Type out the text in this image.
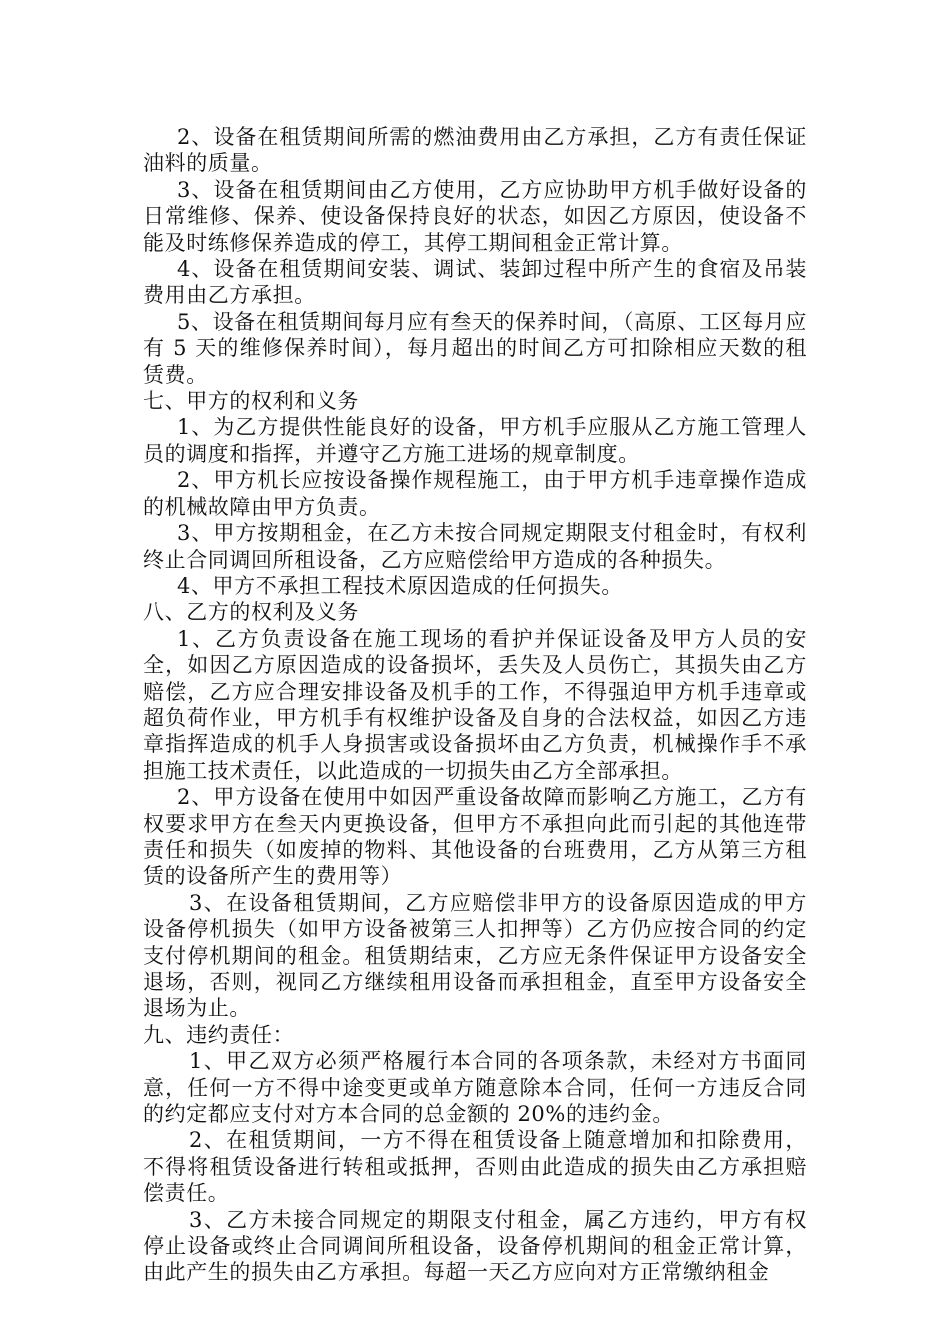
2、设备在租赁期间所需的燃油费用由乙方承担，乙方有责任保证油料的质量。

3、设备在租赁期间由乙方使用，乙方应协助甲方机手做好设备的日常维修、保养、使设备保持良好的状态，如因乙方原因，使设备不能及时练修保养造成的停工，其停工期间租金正常计算。

4、设备在租赁期间安装、调试、装卸过程中所产生的食宿及吊装费用由乙方承担。

5、设备在租赁期间每月应有叁天的保养时间，（高原、工区每月应有 5 天的维修保养时间），每月超出的时间乙方可扣除相应天数的租赁费。

七、甲方的权利和义务

1、为乙方提供性能良好的设备，甲方机手应服从乙方施工管理人员的调度和指挥，并遵守乙方施工进场的规章制度。

2、甲方机长应按设备操作规程施工，由于甲方机手违章操作造成的机械故障由甲方负责。

3、甲方按期租金，在乙方未按合同规定期限支付租金时，有权利终止合同调回所租设备，乙方应赔偿给甲方造成的各种损失。

4、甲方不承担工程技术原因造成的任何损失。

八、乙方的权利及义务

1、乙方负责设备在施工现场的看护并保证设备及甲方人员的安全，如因乙方原因造成的设备损坏，丢失及人员伤亡，其损失由乙方赔偿，乙方应合理安排设备及机手的工作，不得强迫甲方机手违章或超负荷作业，甲方机手有权维护设备及自身的合法权益，如因乙方违章指挥造成的机手人身损害或设备损坏由乙方负责，机械操作手不承担施工技术责任，以此造成的一切损失由乙方全部承担。

2、甲方设备在使用中如因严重设备故障而影响乙方施工，乙方有权要求甲方在叁天内更换设备，但甲方不承担向此而引起的其他连带责任和损失（如废掉的物料、其他设备的台班费用，乙方从第三方租赁的设备所产生的费用等）

3、在设备租赁期间，乙方应赔偿非甲方的设备原因造成的甲方设备停机损失（如甲方设备被第三人扣押等）乙方仍应按合同的约定支付停机期间的租金。租赁期结束，乙方应无条件保证甲方设备安全退场，否则，视同乙方继续租用设备而承担租金，直至甲方设备安全退场为止。

九、违约责任：

1、甲乙双方必须严格履行本合同的各项条款，未经对方书面同意，任何一方不得中途变更或单方随意除本合同，任何一方违反合同的约定都应支付对方本合同的总金额的 20%的违约金。

2、在租赁期间，一方不得在租赁设备上随意增加和扣除费用，不得将租赁设备进行转租或抵押，否则由此造成的损失由乙方承担赔偿责任。

3、乙方未接合同规定的期限支付租金，属乙方违约，甲方有权停止设备或终止合同调间所租设备，设备停机期间的租金正常计算，由此产生的损失由乙方承担。每超一天乙方应向对方正常缴纳租金
